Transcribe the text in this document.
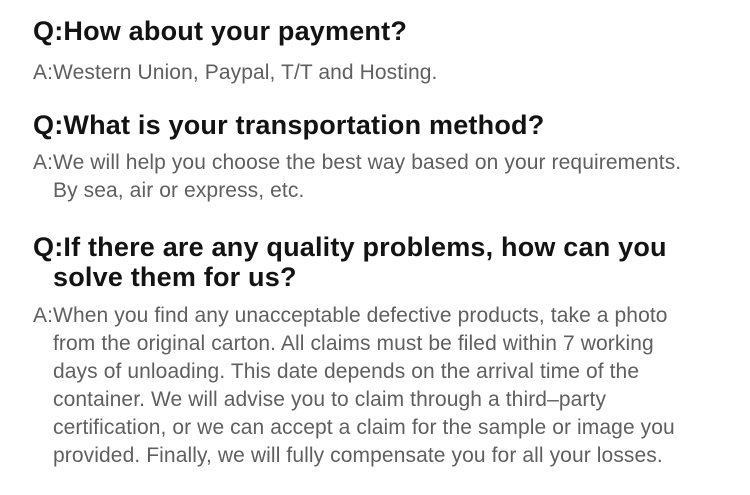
Q:How about your payment?

A:Western Union, Paypal, T/T and Hosting.

Q:What is your transportation method?

A:We will help you choose the best way based on your requirements.
By sea, air or express, etc.

Q:If there are any quality problems, how can you
solve them for us?

A:When you find any unacceptable defective products, take a photo
from the original carton. All claims must be filed within 7 working
days of unloading. This date depends on the arrival time of the
container. We will advise you to claim through a third–party
certification, or we can accept a claim for the sample or image you
provided. Finally, we will fully compensate you for all your losses.
